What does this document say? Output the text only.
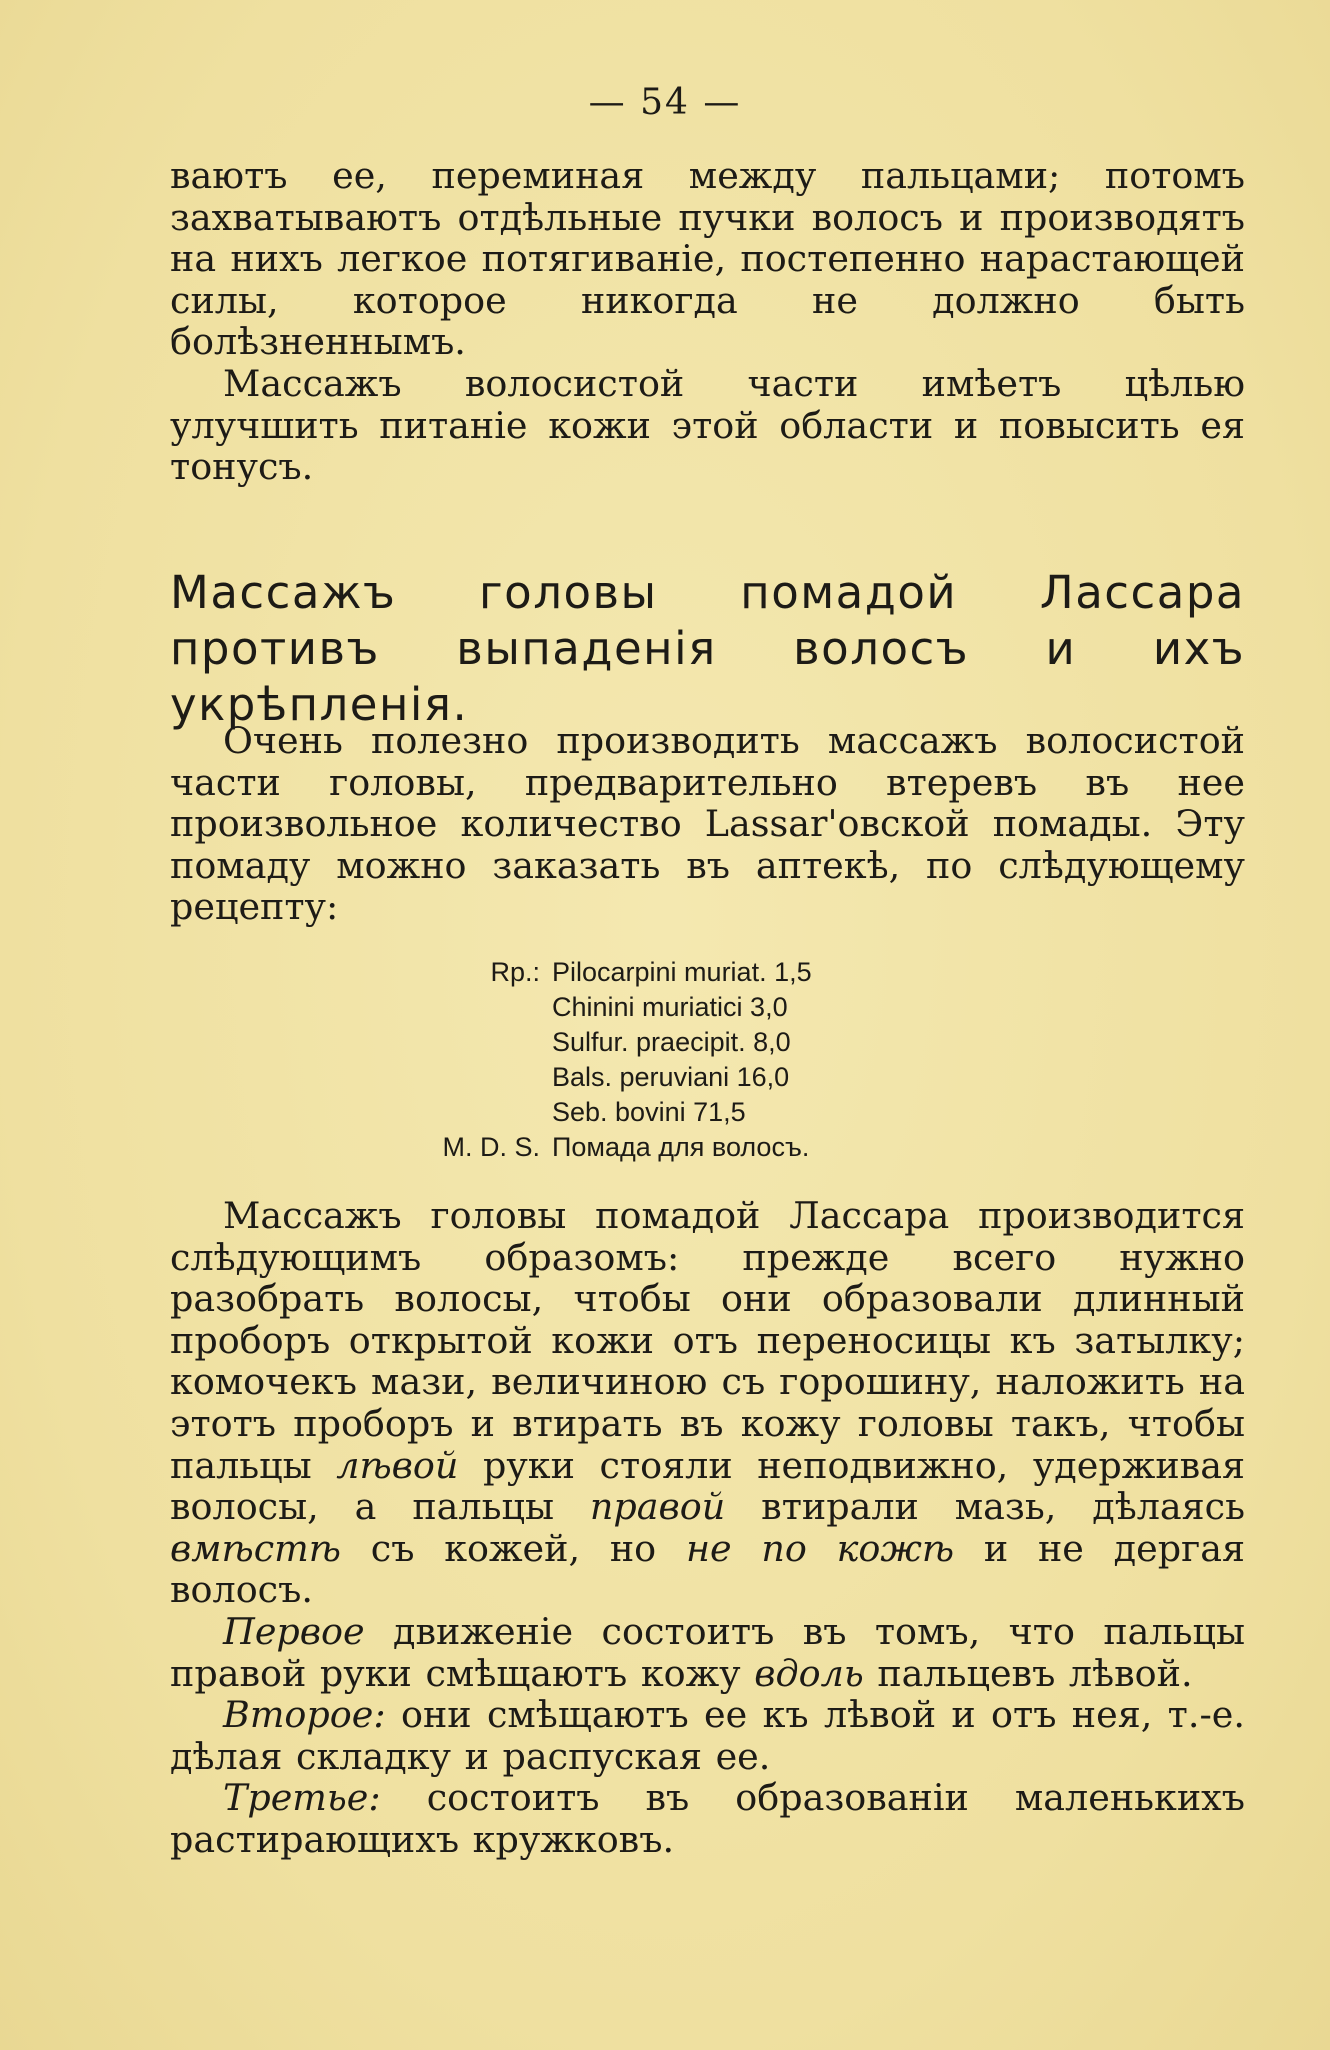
— 54 —

ваютъ ее, переминая между пальцами; потомъ захватываютъ отдѣльные пучки волосъ и производятъ на нихъ легкое потягиванiе, постепенно нарастающей силы, которое никогда не должно быть болѣзненнымъ.

Массажъ волосистой части имѣетъ цѣлью улучшить питанiе кожи этой области и повысить ея тонусъ.

Массажъ головы помадой Лассара противъ выпаденiя волосъ и ихъ укрѣпленiя.

Очень полезно производить массажъ волосистой части головы, предварительно втеревъ въ нее произвольное количество Lassar'овской помады. Эту помаду можно заказать въ аптекѣ, по слѣдующему рецепту:

Rp.: Pilocarpini muriat. 1,5
Chinini muriatici 3,0
Sulfur. praecipit. 8,0
Bals. peruviani 16,0
Seb. bovini 71,5
M. D. S. Помада для волосъ.

Массажъ головы помадой Лассара производится слѣдующимъ образомъ: прежде всего нужно разобрать волосы, чтобы они образовали длинный проборъ открытой кожи отъ переносицы къ затылку; комочекъ мази, величиною съ горошину, наложить на этотъ проборъ и втирать въ кожу головы такъ, чтобы пальцы лѣвой руки стояли неподвижно, удерживая волосы, а пальцы правой втирали мазь, дѣлаясь вмѣстѣ съ кожей, но не по кожѣ и не дергая волосъ.

Первое движенiе состоитъ въ томъ, что пальцы правой руки смѣщаютъ кожу вдоль пальцевъ лѣвой.

Второе: они смѣщаютъ ее къ лѣвой и отъ нея, т.-е. дѣлая складку и распуская ее.

Третье: состоитъ въ образованiи маленькихъ растирающихъ кружковъ.
